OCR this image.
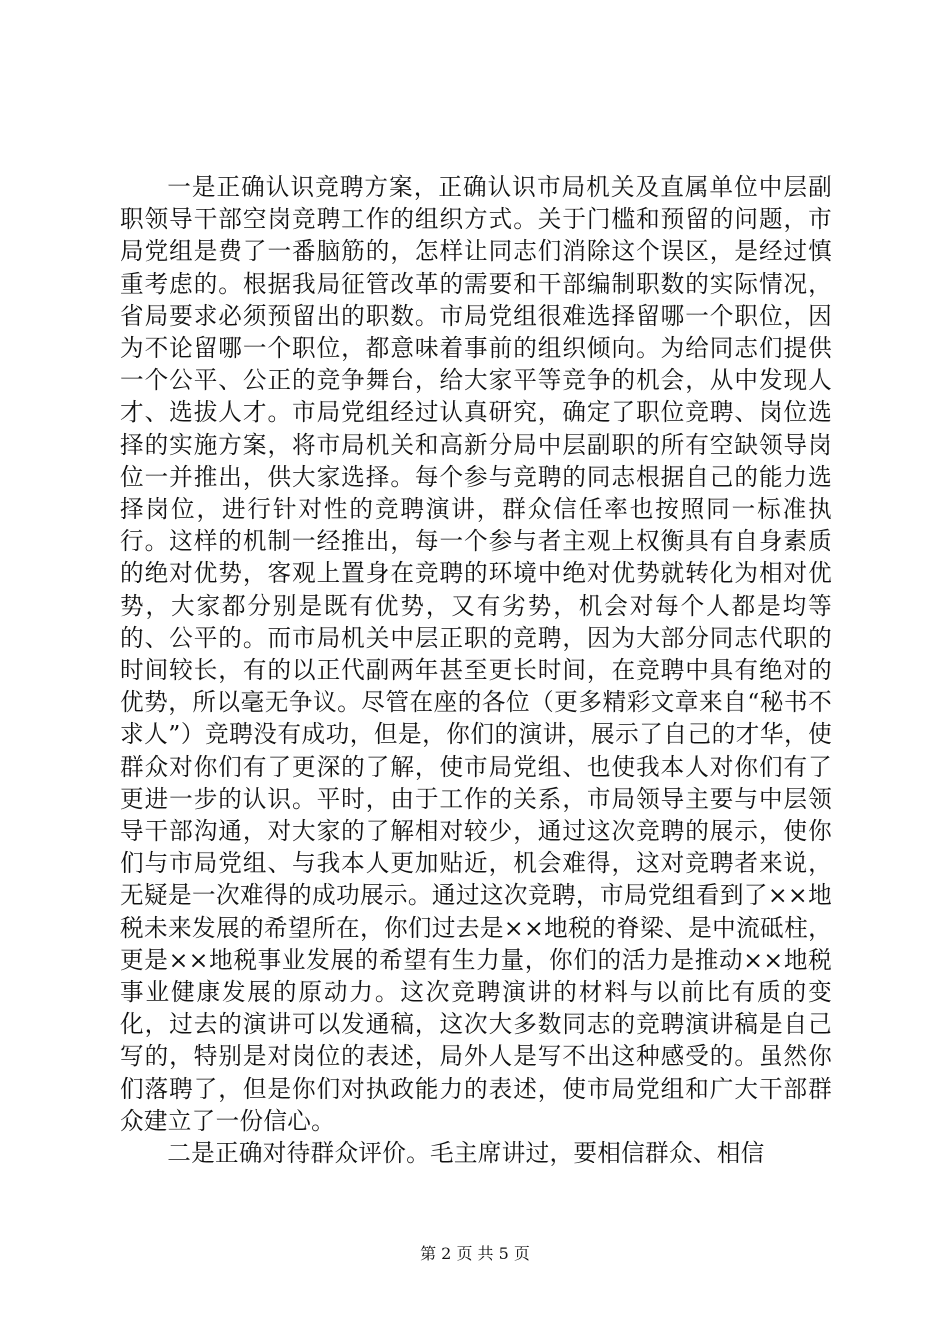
一是正确认识竞聘方案，正确认识市局机关及直属单位中层副职领导干部空岗竞聘工作的组织方式。关于门槛和预留的问题，市局党组是费了一番脑筋的，怎样让同志们消除这个误区，是经过慎重考虑的。根据我局征管改革的需要和干部编制职数的实际情况，省局要求必须预留出的职数。市局党组很难选择留哪一个职位，因为不论留哪一个职位，都意味着事前的组织倾向。为给同志们提供一个公平、公正的竞争舞台，给大家平等竞争的机会，从中发现人才、选拔人才。市局党组经过认真研究，确定了职位竞聘、岗位选择的实施方案，将市局机关和高新分局中层副职的所有空缺领导岗位一并推出，供大家选择。每个参与竞聘的同志根据自己的能力选择岗位，进行针对性的竞聘演讲，群众信任率也按照同一标准执行。这样的机制一经推出，每一个参与者主观上权衡具有自身素质的绝对优势，客观上置身在竞聘的环境中绝对优势就转化为相对优势，大家都分别是既有优势，又有劣势，机会对每个人都是均等的、公平的。而市局机关中层正职的竞聘，因为大部分同志代职的时间较长，有的以正代副两年甚至更长时间，在竞聘中具有绝对的优势，所以毫无争议。尽管在座的各位（更多精彩文章来自“秘书不求人”）竞聘没有成功，但是，你们的演讲，展示了自己的才华，使群众对你们有了更深的了解，使市局党组、也使我本人对你们有了更进一步的认识。平时，由于工作的关系，市局领导主要与中层领导干部沟通，对大家的了解相对较少，通过这次竞聘的展示，使你们与市局党组、与我本人更加贴近，机会难得，这对竞聘者来说，无疑是一次难得的成功展示。通过这次竞聘，市局党组看到了××地税未来发展的希望所在，你们过去是××地税的脊梁、是中流砥柱，更是××地税事业发展的希望有生力量，你们的活力是推动××地税事业健康发展的原动力。这次竞聘演讲的材料与以前比有质的变化，过去的演讲可以发通稿，这次大多数同志的竞聘演讲稿是自己写的，特别是对岗位的表述，局外人是写不出这种感受的。虽然你们落聘了，但是你们对执政能力的表述，使市局党组和广大干部群众建立了一份信心。

二是正确对待群众评价。毛主席讲过，要相信群众、相信

第 2 页 共 5 页
